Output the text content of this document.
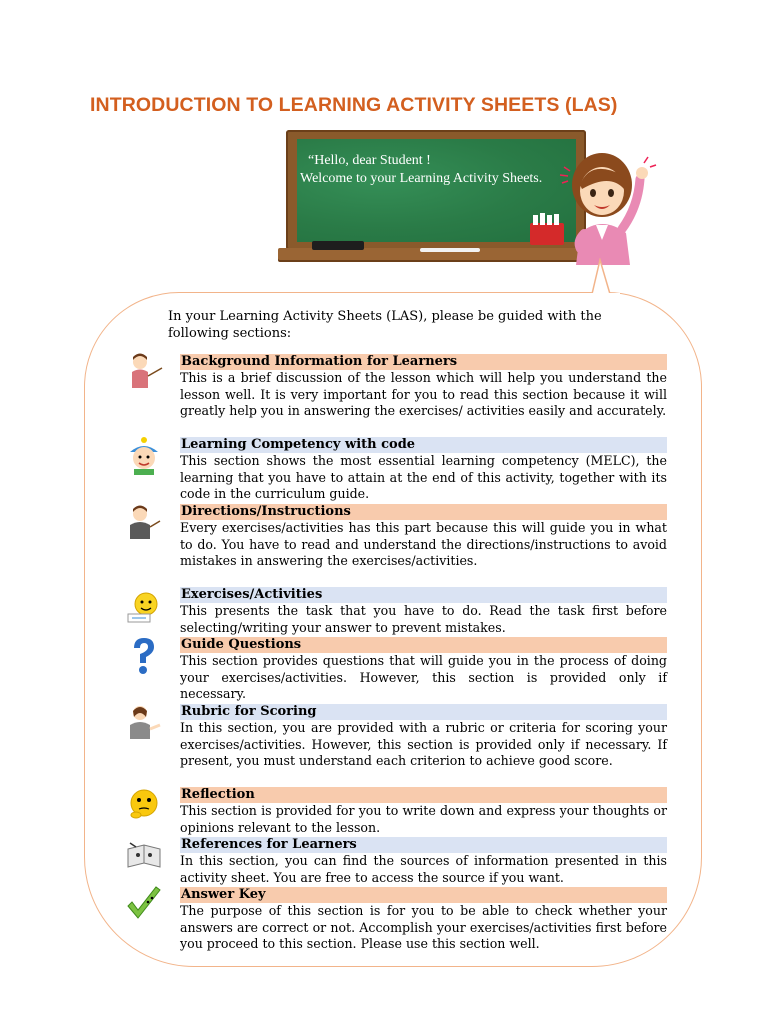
INTRODUCTION TO LEARNING ACTIVITY SHEETS (LAS)
“Hello, dear Student !
Welcome to your Learning Activity Sheets.
In your Learning Activity Sheets (LAS), please be guided with the
following sections:
Background Information for Learners
This is a brief discussion of the lesson which will help you understand the lesson well. It is very important for you to read this section because it will greatly help you in answering the exercises/ activities easily and accurately.
Learning Competency with code
This section shows the most essential learning competency (MELC), the learning that you have to attain at the end of this activity, together with its code in the curriculum guide.
Directions/Instructions
Every exercises/activities has this part because this will guide you in what to do. You have to read and understand the directions/instructions to avoid mistakes in answering the exercises/activities.
Exercises/Activities
This presents the task that you have to do. Read the task first before selecting/writing your answer to prevent mistakes.
Guide Questions
This section provides questions that will guide you in the process of doing your exercises/activities. However, this section is provided only if necessary.
Rubric for Scoring
In this section, you are provided with a rubric or criteria for scoring your exercises/activities. However, this section is provided only if necessary. If present, you must understand each criterion to achieve good score.
Reflection
This section is provided for you to write down and express your thoughts or opinions relevant to the lesson.
References for Learners
In this section, you can find the sources of information presented in this activity sheet. You are free to access the source if you want.
Answer Key
The purpose of this section is for you to be able to check whether your answers are correct or not. Accomplish your exercises/activities first before you proceed to this section. Please use this section well.
